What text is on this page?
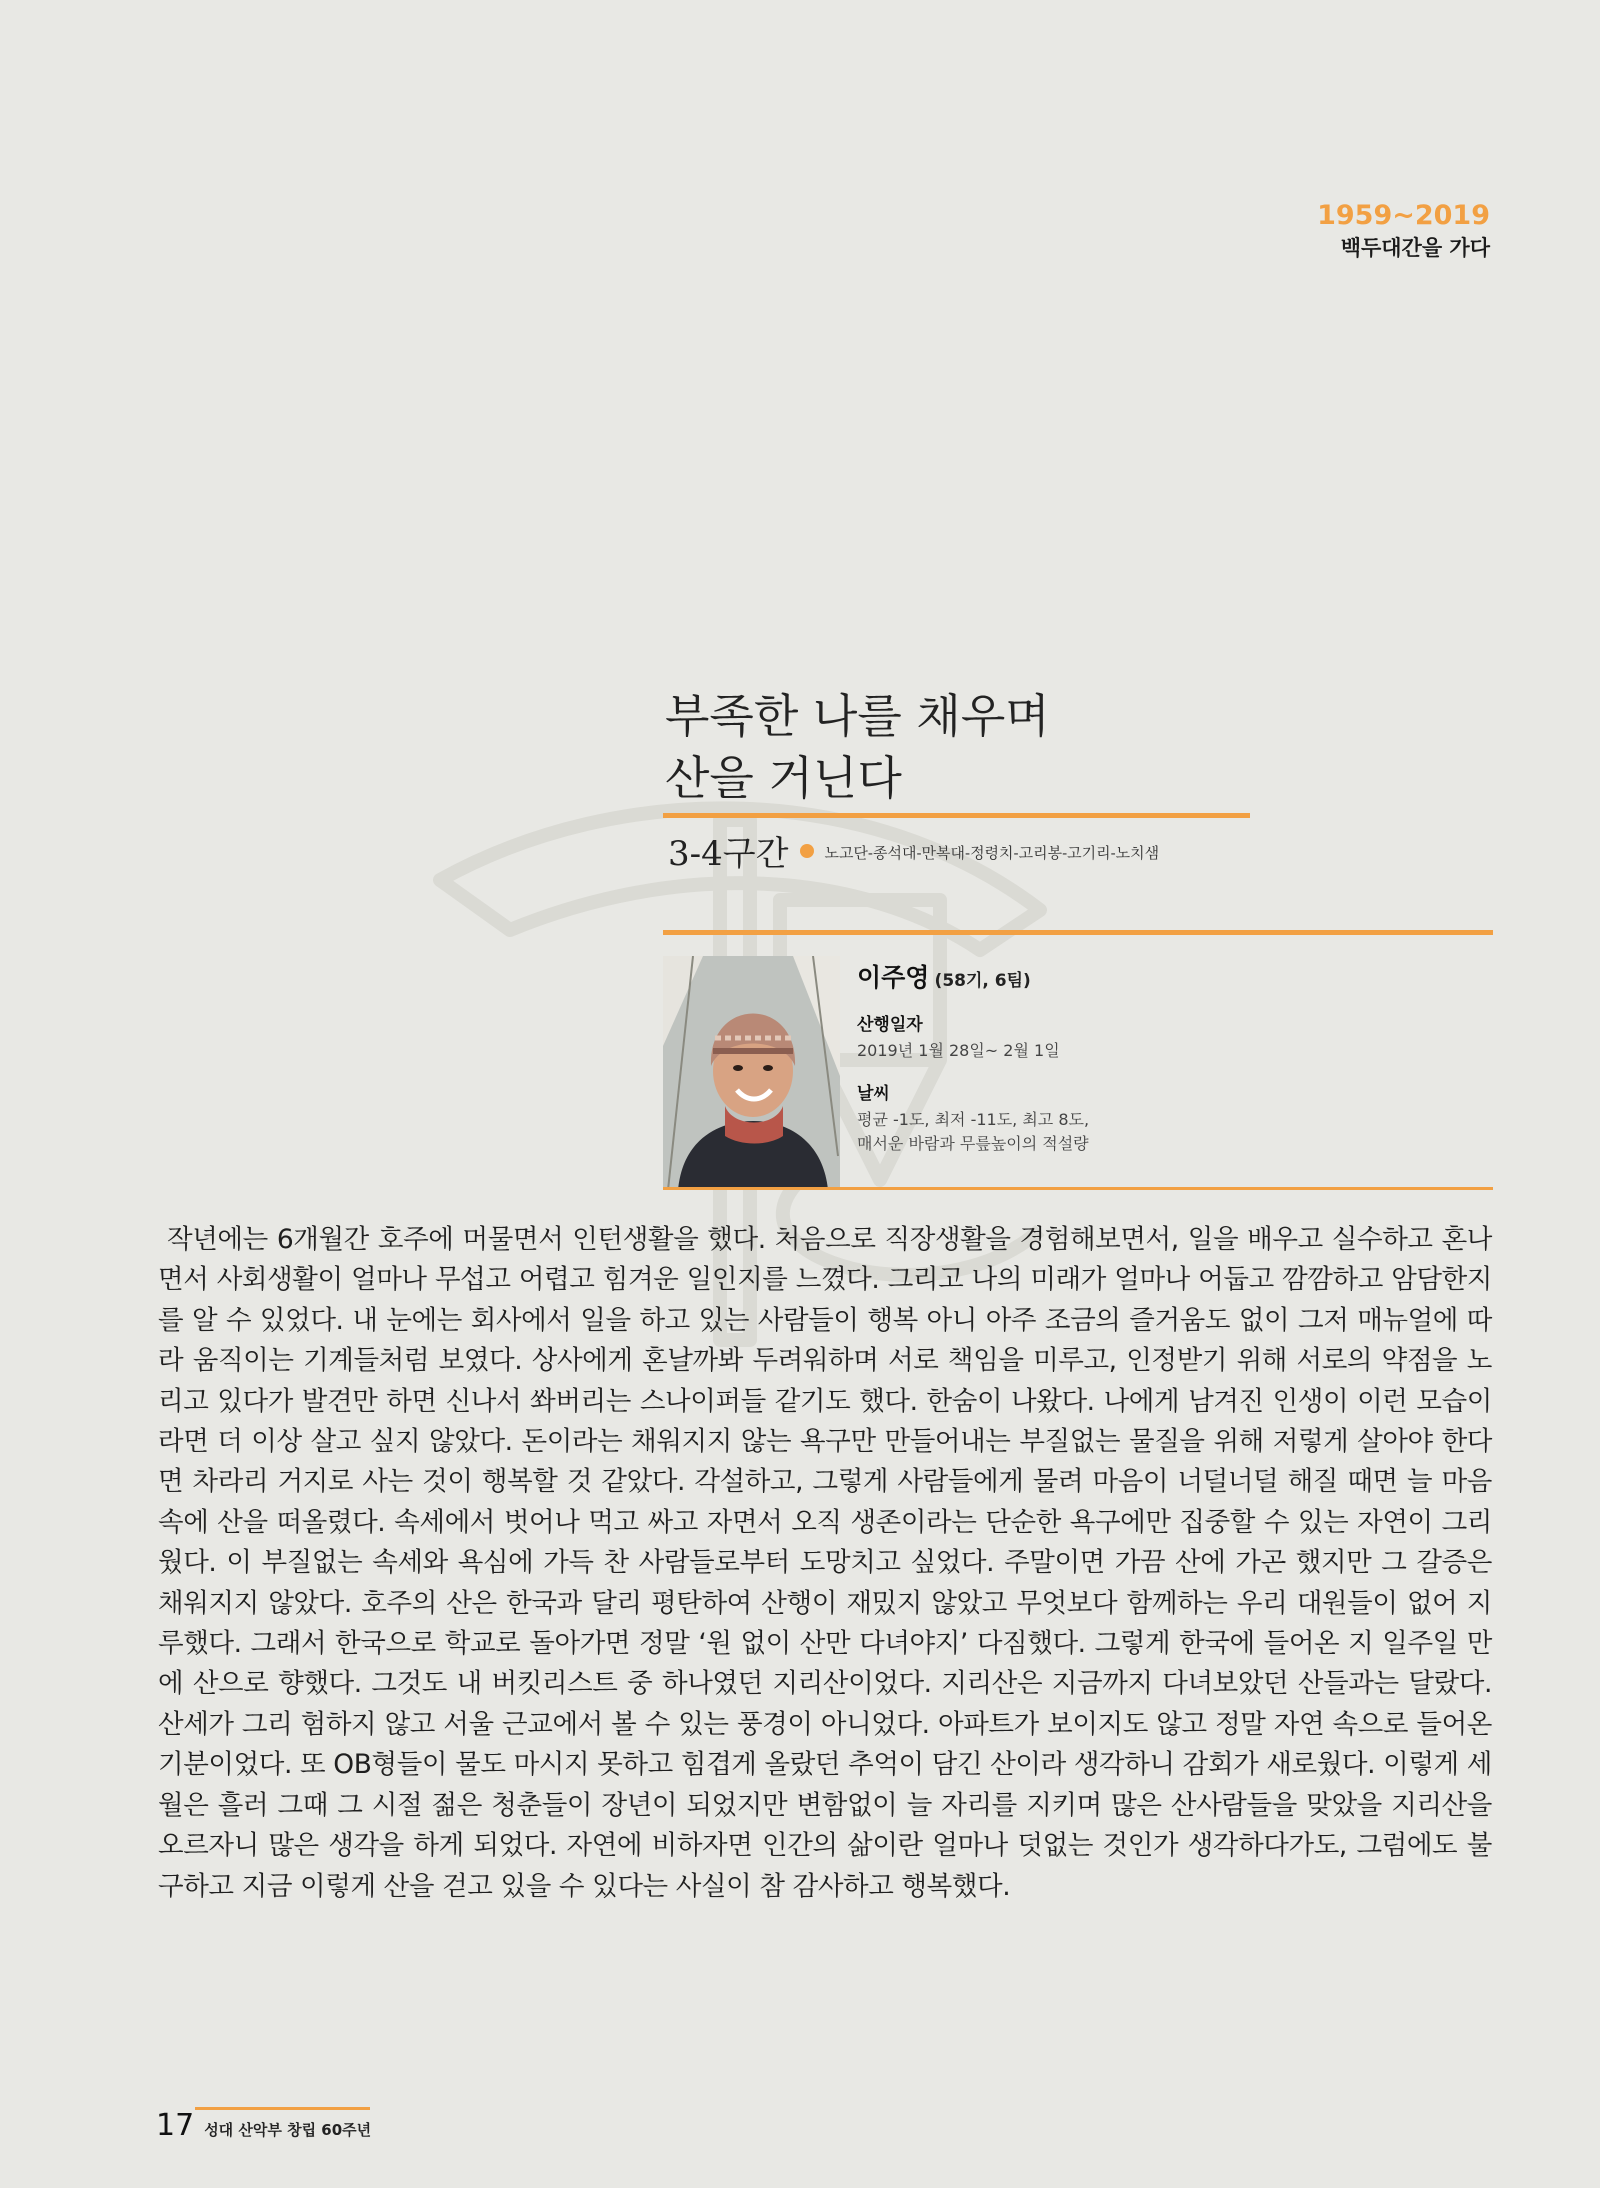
1959~2019
백두대간을 가다
부족한 나를 채우며
산을 거닌다
3-4구간 노고단-종석대-만복대-정령치-고리봉-고기리-노치샘
이주영 (58기, 6팀)
산행일자
2019년 1월 28일~ 2월 1일
날씨
평균 -1도, 최저 -11도, 최고 8도,
매서운 바람과 무릎높이의 적설량
작년에는 6개월간 호주에 머물면서 인턴생활을 했다. 처음으로 직장생활을 경험해보면서, 일을 배우고 실수하고 혼나면서 사회생활이 얼마나 무섭고 어렵고 힘겨운 일인지를 느꼈다. 그리고 나의 미래가 얼마나 어둡고 깜깜하고 암담한지를 알 수 있었다. 내 눈에는 회사에서 일을 하고 있는 사람들이 행복 아니 아주 조금의 즐거움도 없이 그저 매뉴얼에 따라 움직이는 기계들처럼 보였다. 상사에게 혼날까봐 두려워하며 서로 책임을 미루고, 인정받기 위해 서로의 약점을 노리고 있다가 발견만 하면 신나서 쏴버리는 스나이퍼들 같기도 했다. 한숨이 나왔다. 나에게 남겨진 인생이 이런 모습이라면 더 이상 살고 싶지 않았다. 돈이라는 채워지지 않는 욕구만 만들어내는 부질없는 물질을 위해 저렇게 살아야 한다면 차라리 거지로 사는 것이 행복할 것 같았다. 각설하고, 그렇게 사람들에게 물려 마음이 너덜너덜 해질 때면 늘 마음속에 산을 떠올렸다. 속세에서 벗어나 먹고 싸고 자면서 오직 생존이라는 단순한 욕구에만 집중할 수 있는 자연이 그리웠다. 이 부질없는 속세와 욕심에 가득 찬 사람들로부터 도망치고 싶었다. 주말이면 가끔 산에 가곤 했지만 그 갈증은 채워지지 않았다. 호주의 산은 한국과 달리 평탄하여 산행이 재밌지 않았고 무엇보다 함께하는 우리 대원들이 없어 지루했다. 그래서 한국으로 학교로 돌아가면 정말 ‘원 없이 산만 다녀야지’ 다짐했다. 그렇게 한국에 들어온 지 일주일 만에 산으로 향했다. 그것도 내 버킷리스트 중 하나였던 지리산이었다. 지리산은 지금까지 다녀보았던 산들과는 달랐다. 산세가 그리 험하지 않고 서울 근교에서 볼 수 있는 풍경이 아니었다. 아파트가 보이지도 않고 정말 자연 속으로 들어온 기분이었다. 또 OB형들이 물도 마시지 못하고 힘겹게 올랐던 추억이 담긴 산이라 생각하니 감회가 새로웠다. 이렇게 세월은 흘러 그때 그 시절 젊은 청춘들이 장년이 되었지만 변함없이 늘 자리를 지키며 많은 산사람들을 맞았을 지리산을 오르자니 많은 생각을 하게 되었다. 자연에 비하자면 인간의 삶이란 얼마나 덧없는 것인가 생각하다가도, 그럼에도 불구하고 지금 이렇게 산을 걷고 있을 수 있다는 사실이 참 감사하고 행복했다.
17 성대 산악부 창립 60주년
